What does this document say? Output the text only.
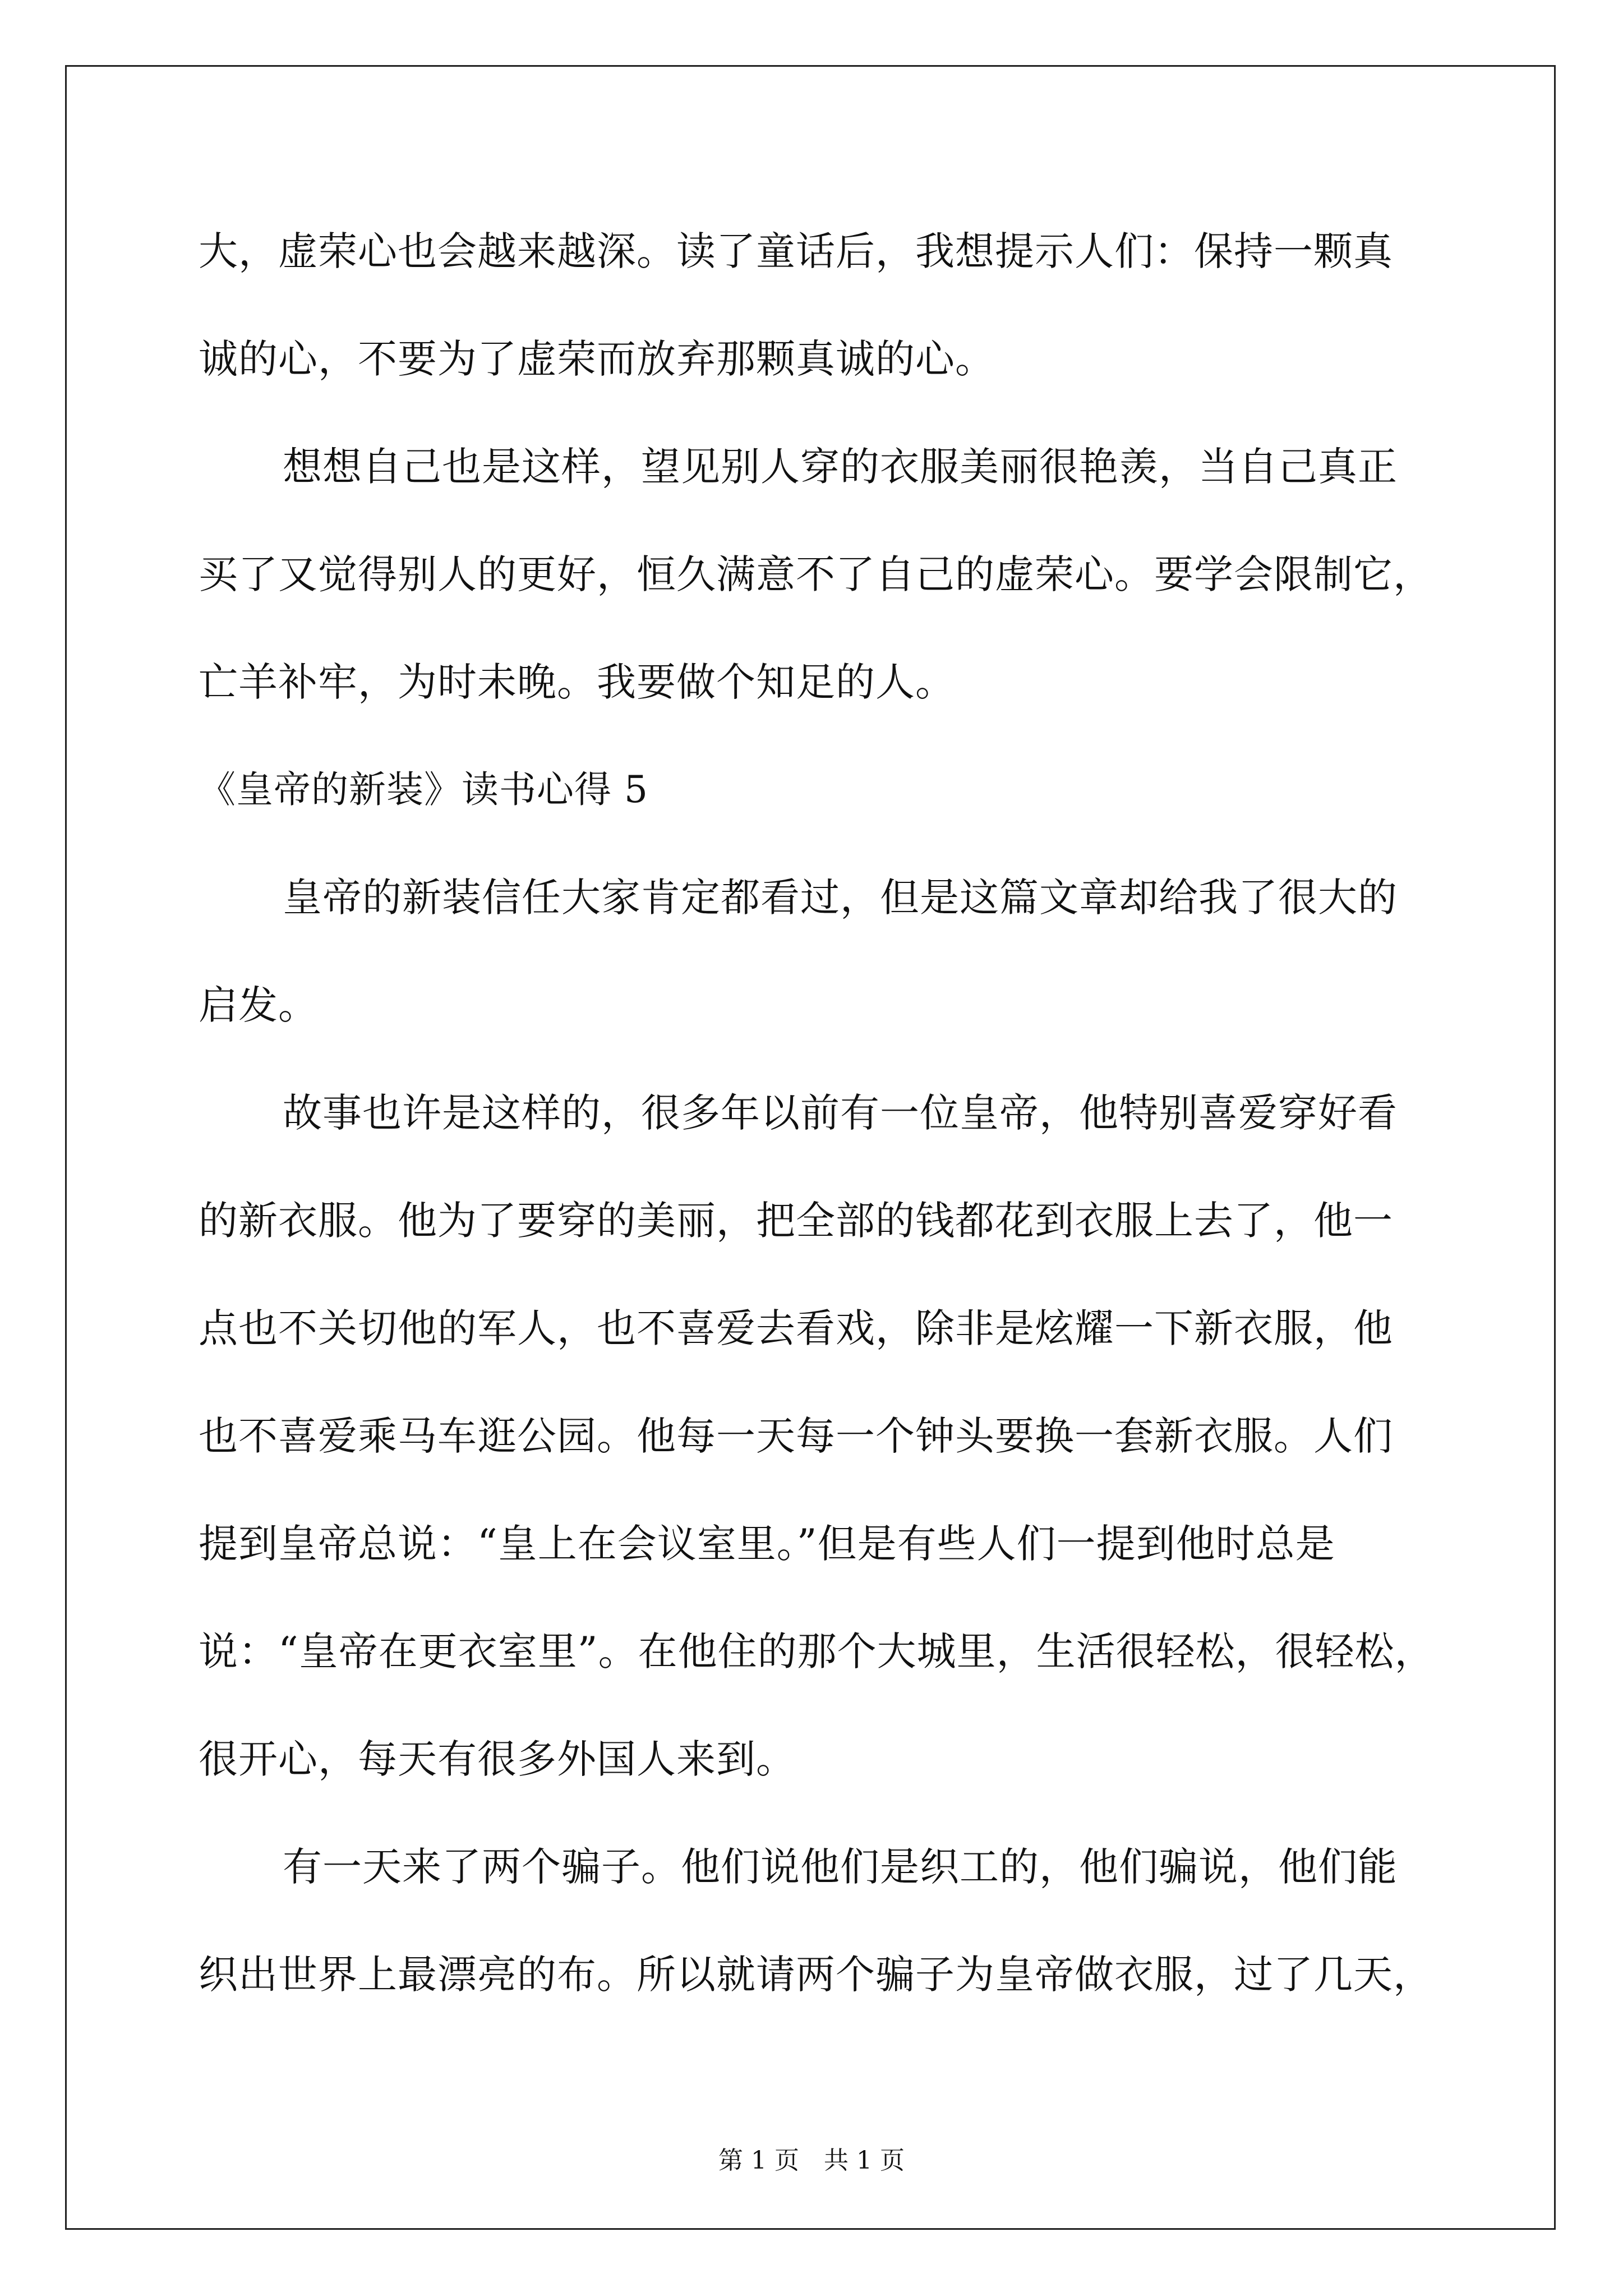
大，虚荣心也会越来越深。读了童话后，我想提示人们：保持一颗真
诚的心，不要为了虚荣而放弃那颗真诚的心。
想想自己也是这样，望见别人穿的衣服美丽很艳羡，当自己真正
买了又觉得别人的更好，恒久满意不了自己的虚荣心。要学会限制它，
亡羊补牢，为时未晚。我要做个知足的人。
《皇帝的新装》读书心得 5
皇帝的新装信任大家肯定都看过，但是这篇文章却给我了很大的
启发。
故事也许是这样的，很多年以前有一位皇帝，他特别喜爱穿好看
的新衣服。他为了要穿的美丽，把全部的钱都花到衣服上去了，他一
点也不关切他的军人，也不喜爱去看戏，除非是炫耀一下新衣服，他
也不喜爱乘马车逛公园。他每一天每一个钟头要换一套新衣服。人们
提到皇帝总说：“皇上在会议室里。”但是有些人们一提到他时总是
说：“皇帝在更衣室里”。在他住的那个大城里，生活很轻松，很轻松，
很开心，每天有很多外国人来到。
有一天来了两个骗子。他们说他们是织工的，他们骗说，他们能
织出世界上最漂亮的布。所以就请两个骗子为皇帝做衣服，过了几天，
第 1 页　共 1 页
